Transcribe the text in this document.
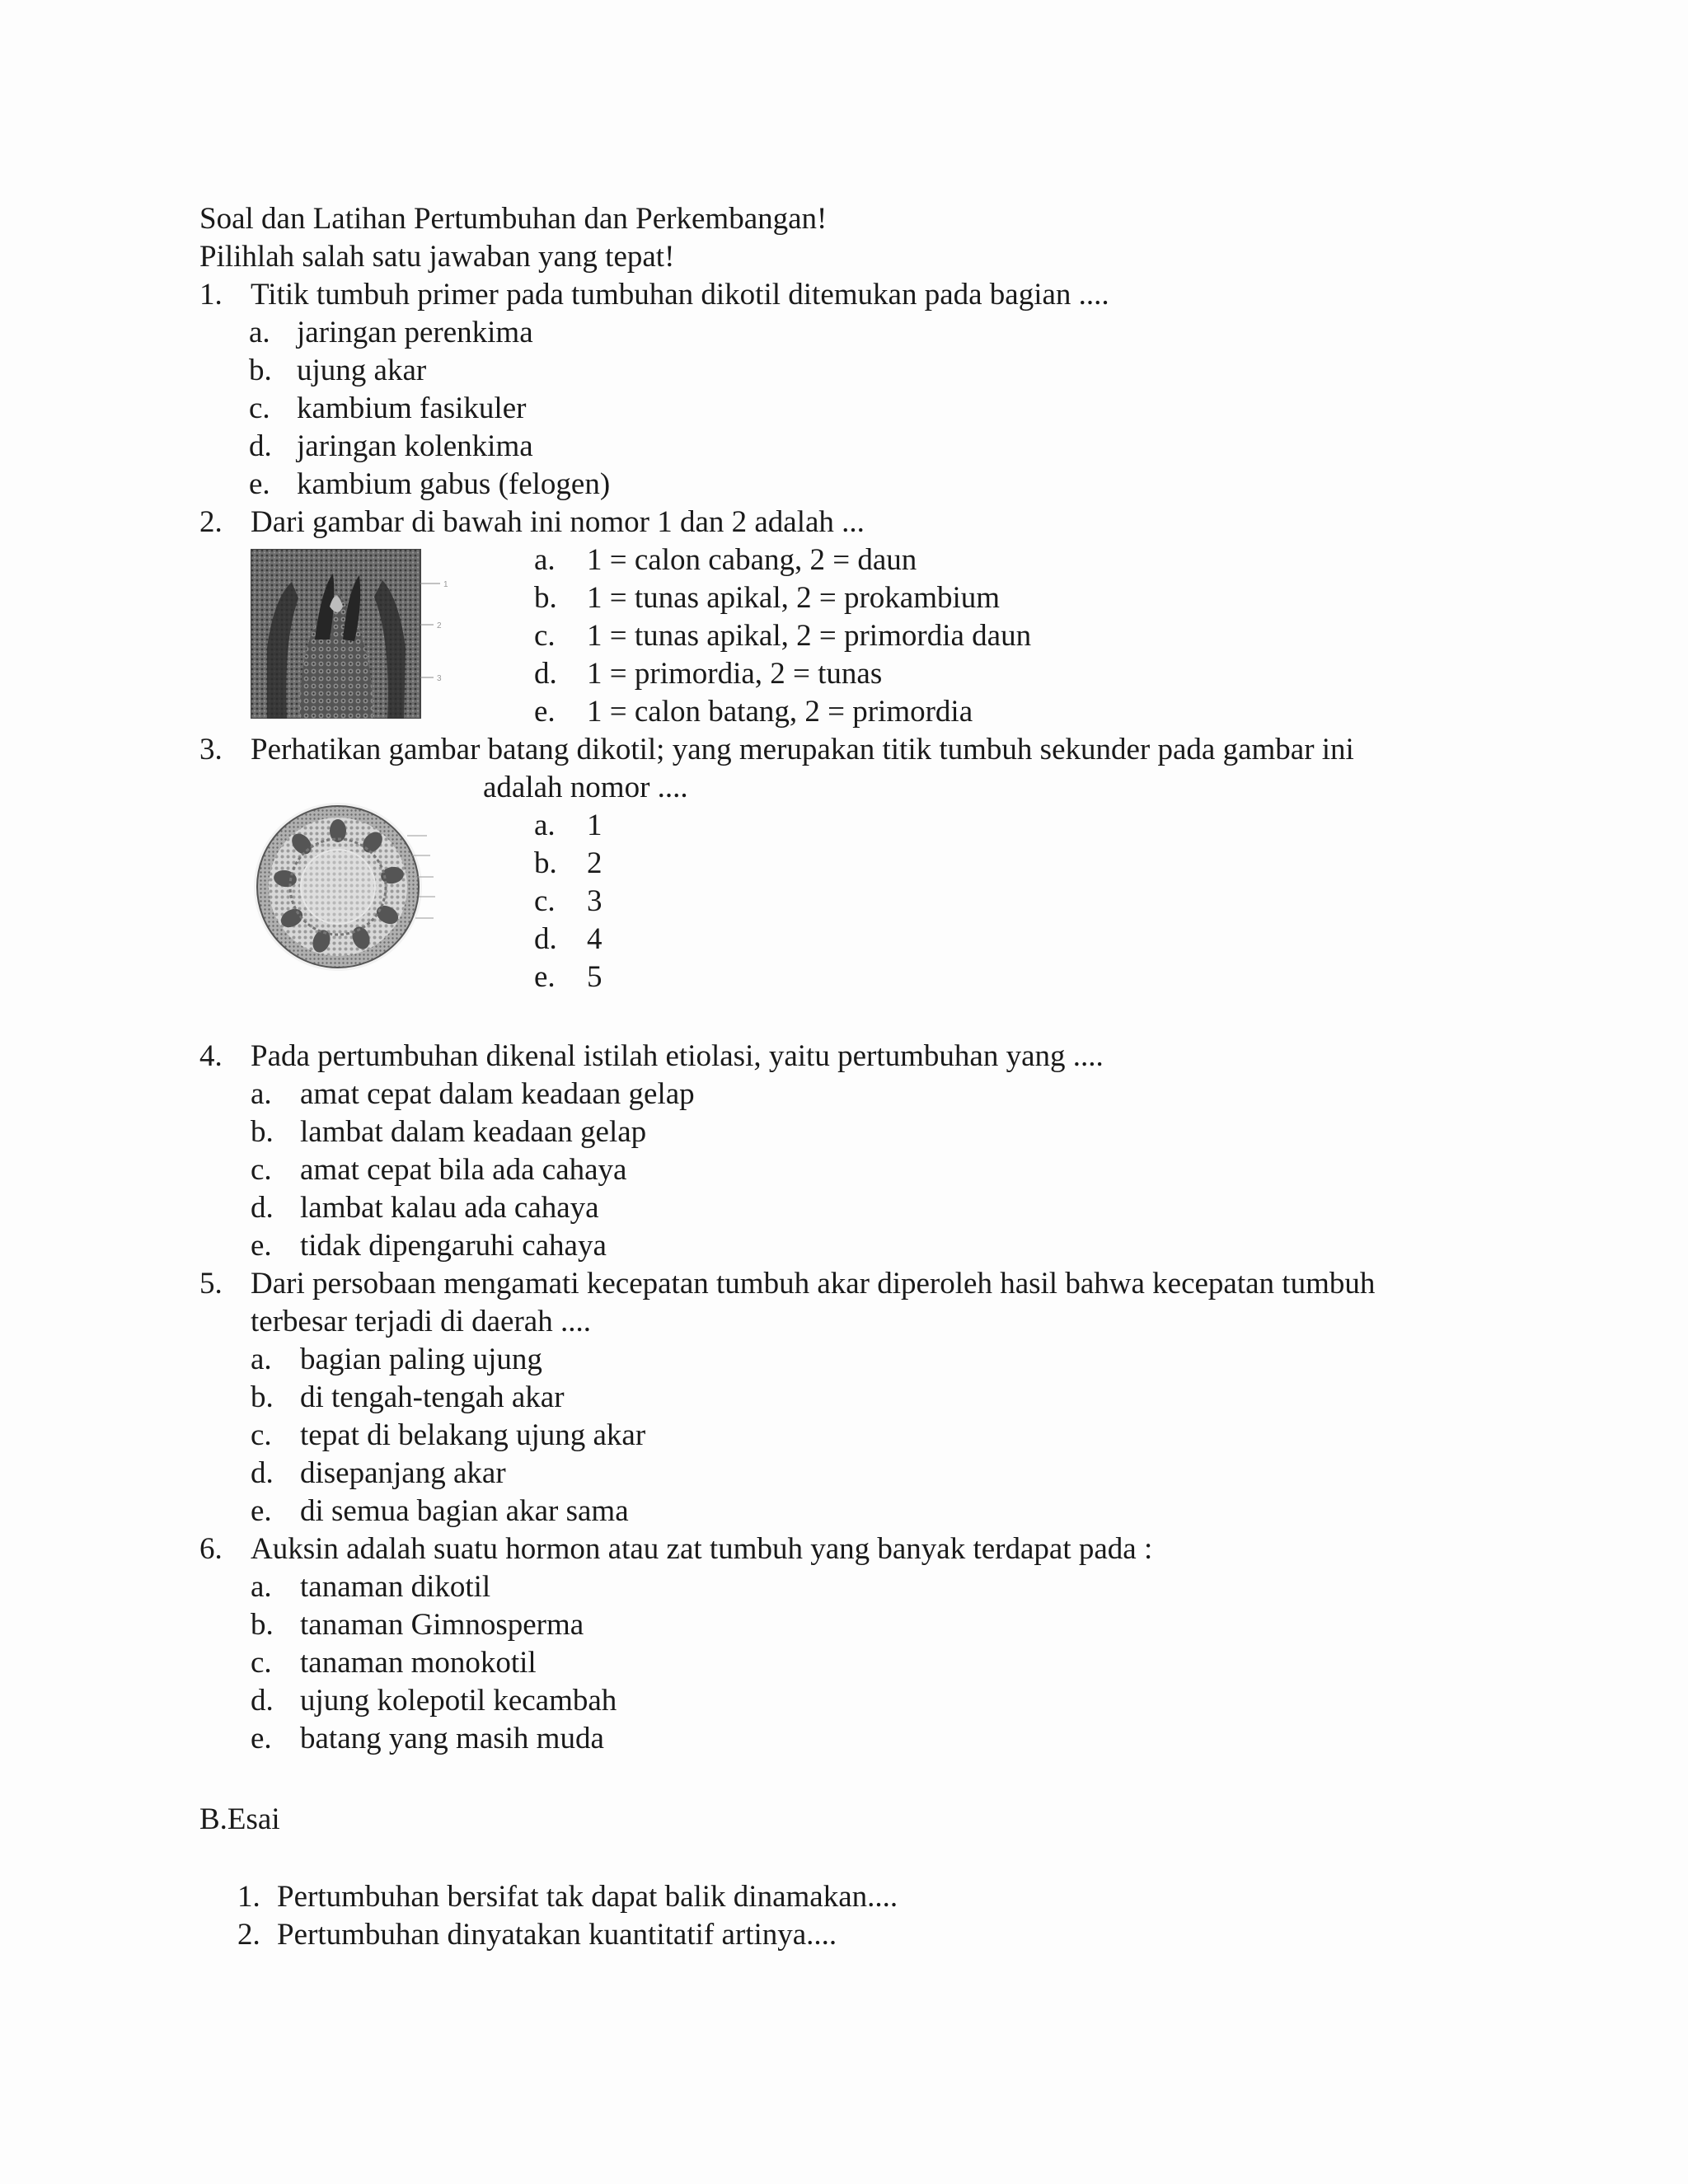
Soal dan Latihan Pertumbuhan dan Perkembangan!
Pilihlah salah satu jawaban yang tepat!
1. Titik tumbuh primer pada tumbuhan dikotil ditemukan pada bagian ....
a. jaringan perenkima
b. ujung akar
c. kambium fasikuler
d. jaringan kolenkima
e. kambium gabus (felogen)
2. Dari gambar di bawah ini nomor 1 dan 2 adalah ...
1
2
3
a. 1 = calon cabang, 2 = daun
b. 1 = tunas apikal, 2 = prokambium
c. 1 = tunas apikal, 2 = primordia daun
d. 1 = primordia, 2 = tunas
e. 1 = calon batang, 2 = primordia
3. Perhatikan gambar batang dikotil; yang merupakan titik tumbuh sekunder pada gambar ini
adalah nomor ....
a. 1
b. 2
c. 3
d. 4
e. 5
4. Pada pertumbuhan dikenal istilah etiolasi, yaitu pertumbuhan yang ....
a. amat cepat dalam keadaan gelap
b. lambat dalam keadaan gelap
c. amat cepat bila ada cahaya
d. lambat kalau ada cahaya
e. tidak dipengaruhi cahaya
5. Dari persobaan mengamati kecepatan tumbuh akar diperoleh hasil bahwa kecepatan tumbuh
terbesar terjadi di daerah ....
a. bagian paling ujung
b. di tengah-tengah akar
c. tepat di belakang ujung akar
d. disepanjang akar
e. di semua bagian akar sama
6. Auksin adalah suatu hormon atau zat tumbuh yang banyak terdapat pada :
a. tanaman dikotil
b. tanaman Gimnosperma
c. tanaman monokotil
d. ujung kolepotil kecambah
e. batang yang masih muda
B.Esai
1. Pertumbuhan bersifat tak dapat balik dinamakan....
2. Pertumbuhan dinyatakan kuantitatif artinya....
